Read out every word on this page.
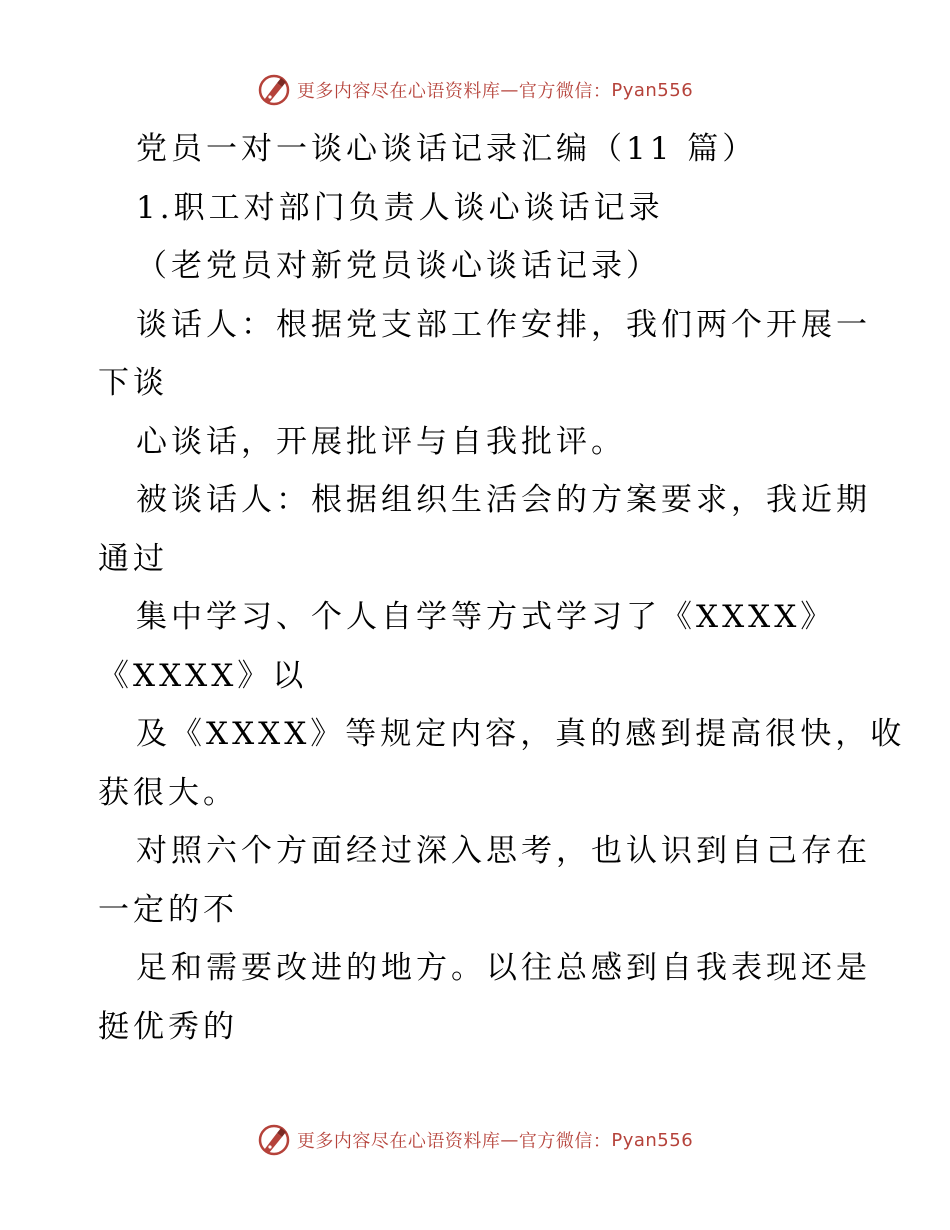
更多内容尽在心语资料库 — 官方微信： Pyan556
党员一对一谈心谈话记录汇编（11 篇）
1.职工对部门负责人谈心谈话记录
（老党员对新党员谈心谈话记录）
谈话人：根据党支部工作安排，我们两个开展一
下谈
心谈话，开展批评与自我批评。
被谈话人：根据组织生活会的方案要求，我近期
通过
集中学习、个人自学等方式学习了《XXXX》
《XXXX》以
及《XXXX》等规定内容，真的感到提高很快，收
获很大。
对照六个方面经过深入思考，也认识到自己存在
一定的不
足和需要改进的地方。以往总感到自我表现还是
挺优秀的
更多内容尽在心语资料库 — 官方微信： Pyan556
